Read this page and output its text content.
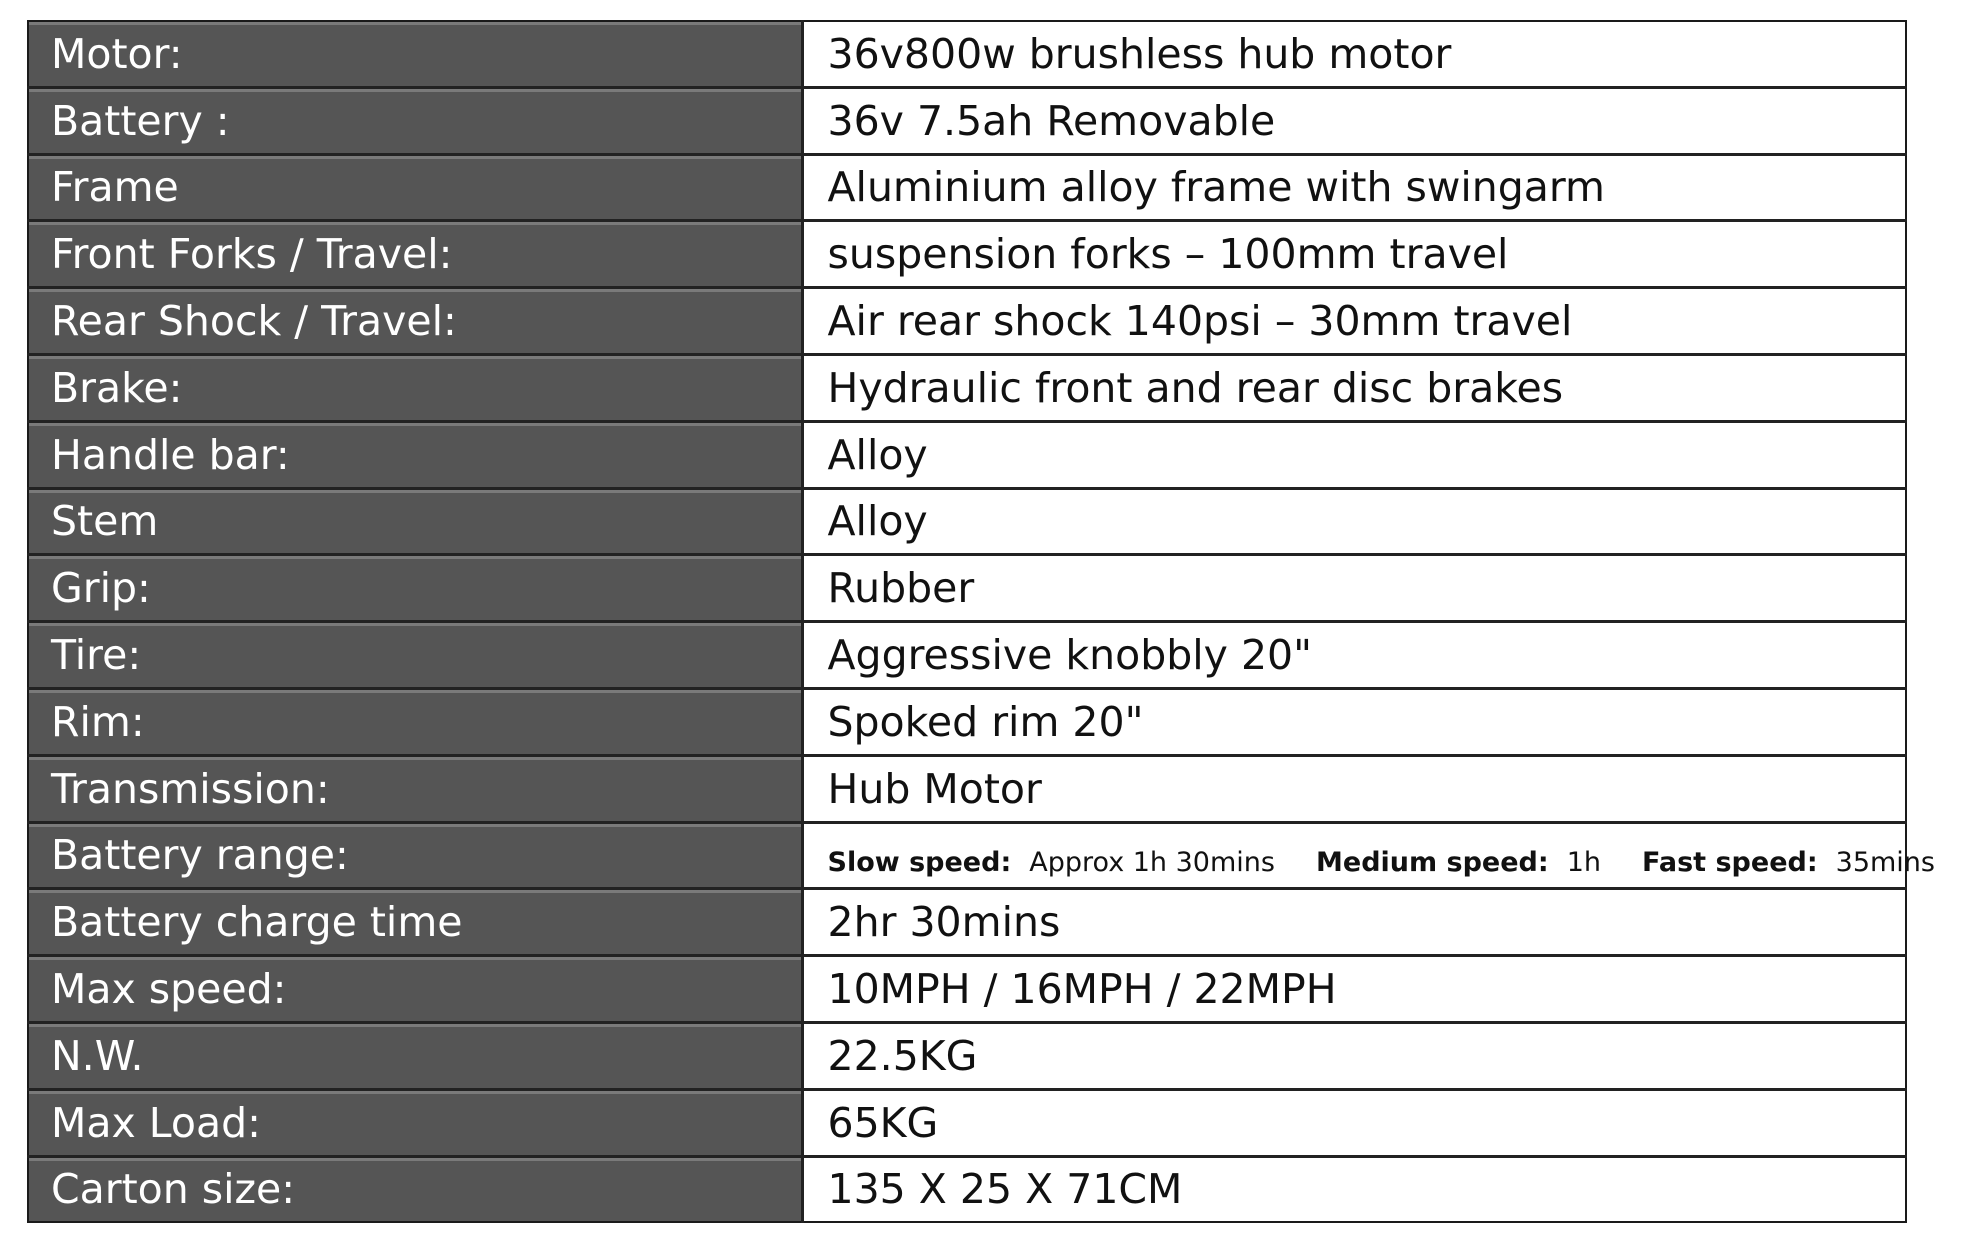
Motor:	36v800w brushless hub motor
Battery :	36v 7.5ah Removable
Frame	Aluminium alloy frame with swingarm
Front Forks / Travel:	suspension forks – 100mm travel
Rear Shock / Travel:	Air rear shock 140psi – 30mm travel
Brake:	Hydraulic front and rear disc brakes
Handle bar:	Alloy
Stem	Alloy
Grip:	Rubber
Tire:	Aggressive knobbly 20"
Rim:	Spoked rim 20"
Transmission:	Hub Motor
Battery range:	Slow speed: Approx 1h 30mins Medium speed: 1h Fast speed: 35mins
Battery charge time	2hr 30mins
Max speed:	10MPH / 16MPH / 22MPH
N.W.	22.5KG
Max Load:	65KG
Carton size:	135 X 25 X 71CM
